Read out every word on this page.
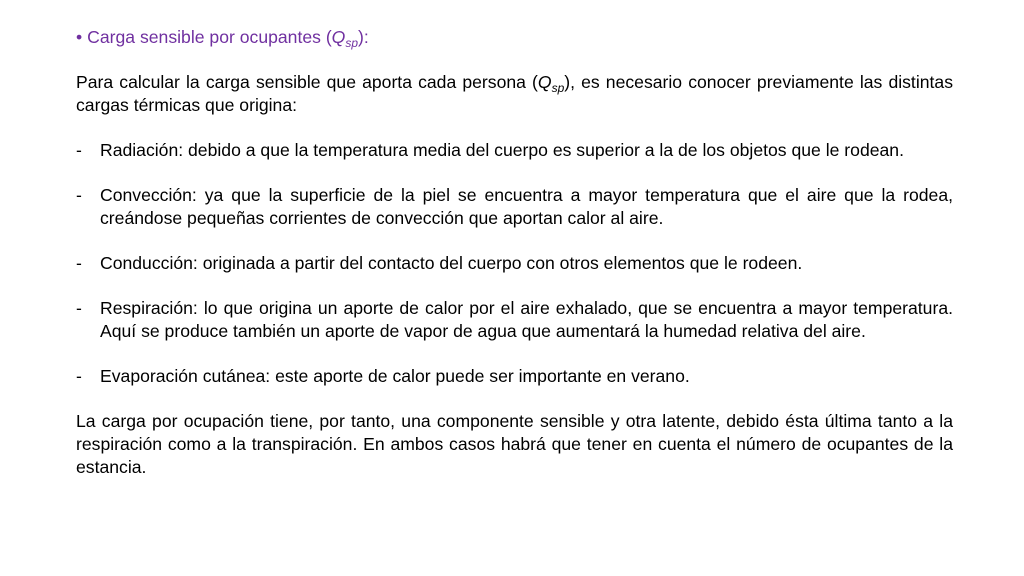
• Carga sensible por ocupantes $(Q_{sp})$:

Para calcular la carga sensible que aporta cada persona $(Q_{sp})$, es necesario conocer previamente las distintas cargas térmicas que origina:

-	Radiación: debido a que la temperatura media del cuerpo es superior a la de los objetos que le rodean.
-	Convección: ya que la superficie de la piel se encuentra a mayor temperatura que el aire que la rodea, creándose pequeñas corrientes de convección que aportan calor al aire.
-	Conducción: originada a partir del contacto del cuerpo con otros elementos que le rodeen.
-	Respiración: lo que origina un aporte de calor por el aire exhalado, que se encuentra a mayor temperatura. Aquí se produce también un aporte de vapor de agua que aumentará la humedad relativa del aire.
-	Evaporación cutánea: este aporte de calor puede ser importante en verano.

La carga por ocupación tiene, por tanto, una componente sensible y otra latente, debido ésta última tanto a la respiración como a la transpiración. En ambos casos habrá que tener en cuenta el número de ocupantes de la estancia.
